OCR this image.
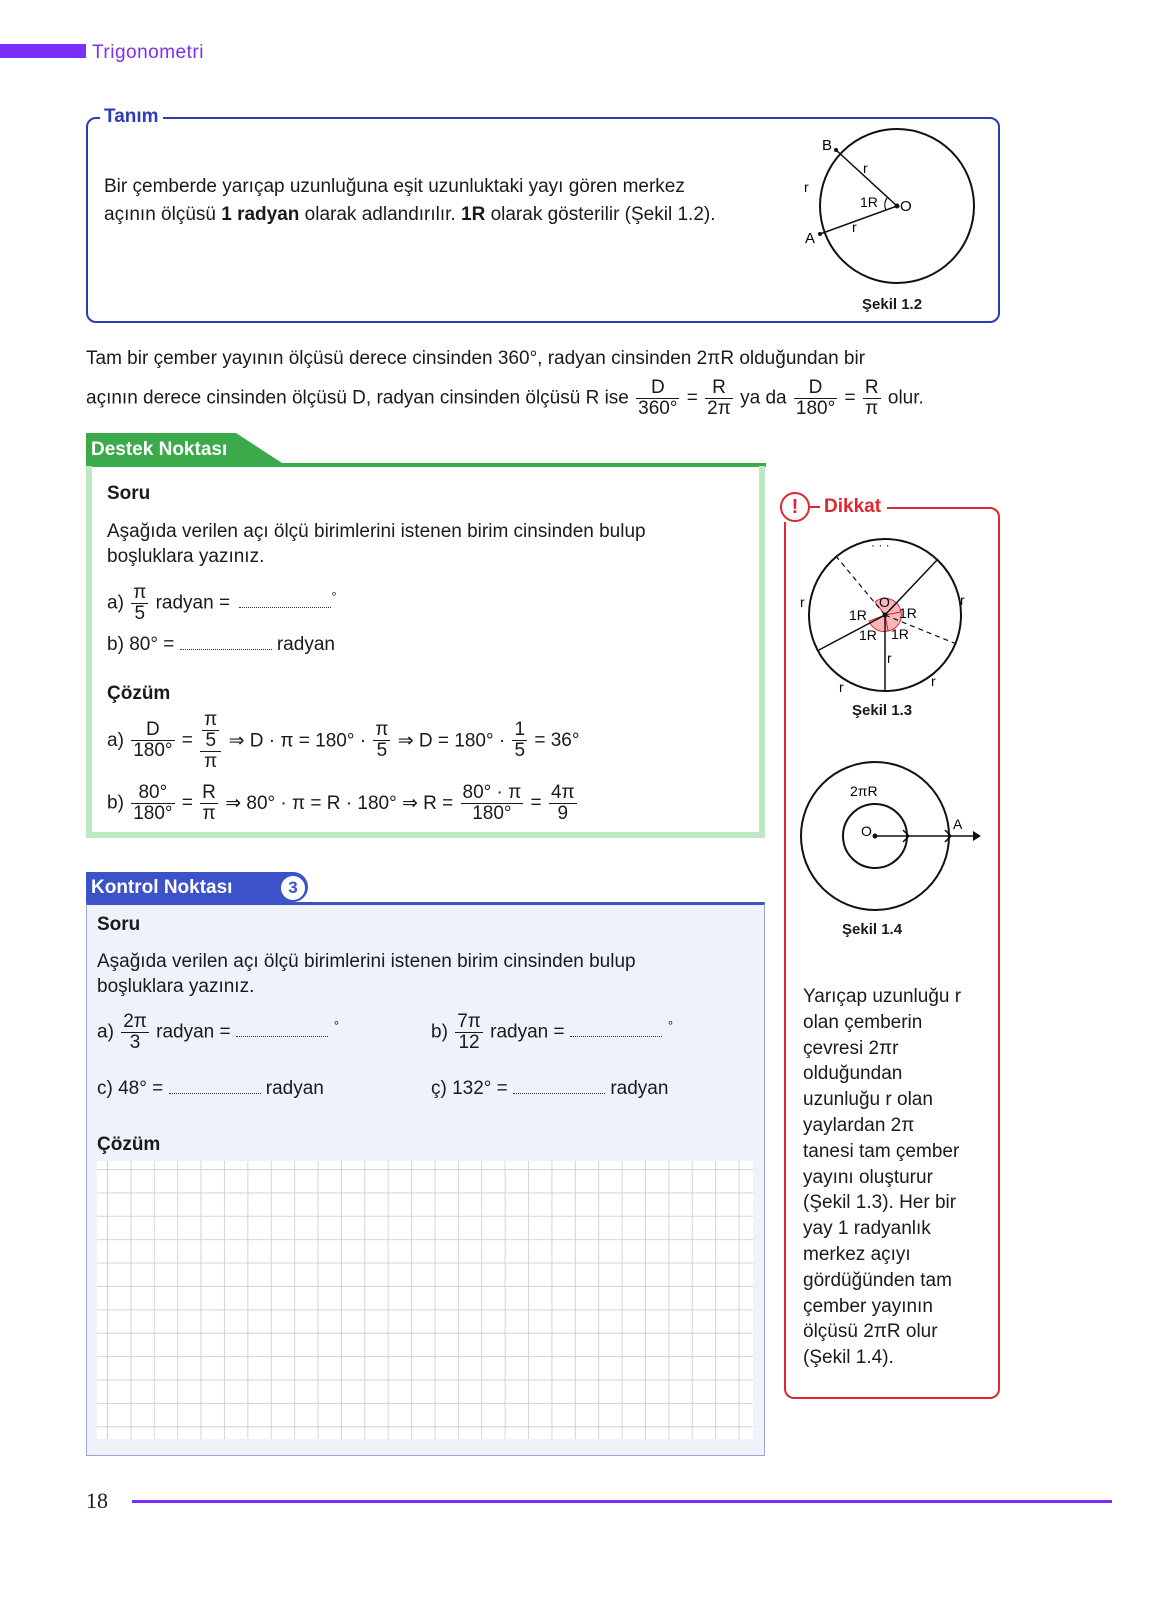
Trigonometri
Tanım
Bir çemberde yarıçap uzunluğuna eşit uzunluktaki yayı gören merkez
açının ölçüsü 1 radyan olarak adlandırılır. 1R olarak gösterilir (Şekil 1.2).
B
A
O
r
r
r
1R
Şekil 1.2
Tam bir çember yayının ölçüsü derece cinsinden 360°, radyan cinsinden 2πR olduğundan bir
açının derece cinsinden ölçüsü D, radyan cinsinden ölçüsü R ise $\frac{D}{360^\circ} = \frac{R}{2\pi}$ ya da $\frac{D}{180^\circ} = \frac{R}{\pi}$ olur.
Destek Noktası
Soru
Aşağıda verilen açı ölçü birimlerini istenen birim cinsinden bulup
boşluklara yazınız.
$a) \frac{\pi}{5}$ radyan =	°
b) 80° =	radyan
Çözüm
$a) \frac{D}{180^\circ} = \frac{\frac{\pi}{5}}{\pi}$ ⇒ $D \cdot \pi = 180^\circ \cdot \frac{\pi}{5}$ ⇒ $D = 180^\circ \cdot \frac{1}{5} = 36^\circ$
$b) \frac{80^\circ}{180^\circ} = \frac{R}{\pi}$ ⇒ 80° · π = R · 180° ⇒ $R = \frac{80^\circ \cdot \pi}{180^\circ} = \frac{4\pi}{9}$
!	Dikkat
· · ·
O
1R 1R
1R 1R
r	r
r
r	r
Şekil 1.3
2πR
O	A
Şekil 1.4
Yarıçap uzunluğu r
olan çemberin
çevresi 2πr
olduğundan
uzunluğu r olan
yaylardan 2π
tanesi tam çember
yayını oluşturur
(Şekil 1.3). Her bir
yay 1 radyanlık
merkez açıyı
gördüğünden tam
çember yayının
ölçüsü 2πR olur
(Şekil 1.4).
Kontrol Noktası	3
Soru
Aşağıda verilen açı ölçü birimlerini istenen birim cinsinden bulup
boşluklara yazınız.
$a) \frac{2\pi}{3}$ radyan =	°	$b) \frac{7\pi}{12}$ radyan =	°
c) 48° =	radyan	ç) 132° =	radyan
Çözüm
18
